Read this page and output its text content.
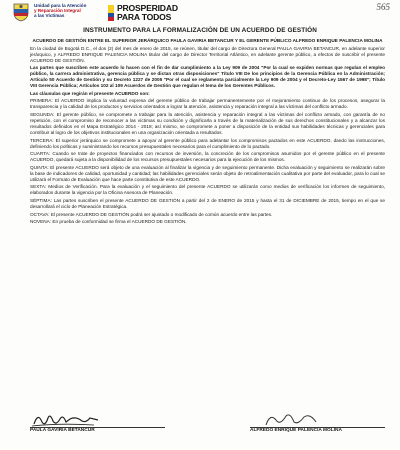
Unidad para la Atención
y Reparación Integral
a las Víctimas
PROSPERIDAD
PARA TODOS
565
INSTRUMENTO PARA LA FORMALIZACIÓN DE UN ACUERDO DE GESTIÓN

ACUERDO DE GESTIÓN ENTRE EL SUPERIOR JERÁRQUICO PAULA GAVIRIA BETANCUR Y EL GERENTE PÚBLICO ALFREDO ENRIQUE PALENCIA MOLINA

En la ciudad de Bogotá D.C., el dos (2) del mes de enero de 2015, se reúnen, titular del cargo de Directora General PAULA GAVIRIA BETANCUR, en adelante superior jerárquico, y ALFREDO ENRIQUE PALENCIA MOLINA titular del cargo de Director Territorial Atlántico, en adelante gerente público, a efectos de suscribir el presente ACUERDO DE GESTIÓN.

Las partes que suscriben este acuerdo lo hacen con el fin de dar cumplimiento a la Ley 909 de 2004 "Por la cual se expiden normas que regulan el empleo público, la carrera administrativa, gerencia pública y se dictan otras disposiciones" Título VIII De los principios de la Gerencia Pública en la Administración; Artículo 50 Acuerdo de Gestión y su Decreto 1227 de 2005 "Por el cual se reglamenta parcialmente la Ley 909 de 2004 y el Decreto-Ley 1567 de 1998"; Título VIII Gerencia Pública; Artículos 102 al 109 Acuerdos de Gestión que regulan el tema de los Gerentes Públicos.

Las cláusulas que regirán el presente ACUERDO son:

PRIMERA: El ACUERDO implica la voluntad expresa del gerente público de trabajar permanentemente por el mejoramiento continuo de los procesos, asegurar la transparencia y la calidad de los productos y servicios orientados a lograr la atención, asistencia y reparación integral a las víctimas del conflicto armado.

SEGUNDA: El gerente público, se compromete a trabajar para la atención, asistencia y reparación integral a las víctimas del conflicto armado, con garantía de no repetición, con el compromiso de reconocer a las víctimas su condición y dignificarla a través de la materialización de sus derechos constitucionales y a alcanzar los resultados definidos en el Mapa Estratégico 2014 - 2018; así mismo, se compromete a poner a disposición de la entidad sus habilidades técnicas y gerenciales para contribuir al logro de los objetivos institucionales en una organización orientada a resultados.

TERCERA: El superior jerárquico se compromete a apoyar al gerente público para adelantar los compromisos pactados en este ACUERDO, dando las instrucciones, definiendo los políticas y suministrando los recursos presupuestales necesarios para el cumplimiento de lo pactado.

CUARTA: Cuando se trate de proyectos financiados con recursos de inversión, la concreción de los compromisos asumidos por el gerente público en el presente ACUERDO, quedará sujeta a la disponibilidad de los recursos presupuestales necesarios para la ejecución de los mismos.

QUINTA: El presente ACUERDO será objeto de una evaluación al finalizar la vigencia y de seguimiento permanente. Dicha evaluación y seguimiento se realizarán sobre la base de indicadores de calidad, oportunidad y cantidad; las habilidades gerenciales serán objeto de retroalimentación cualitativa por parte del evaluador, para lo cual se utilizará el Formato de Evaluación que hace parte constitutiva de este ACUERDO.

SEXTA: Medios de Verificación. Para la evaluación y el seguimiento del presente ACUERDO se utilizarán como medios de verificación los informes de seguimiento, elaborados durante la vigencia por la Oficina Asesora de Planeación.

SÉPTIMA: Las partes suscriben el presente ACUERDO DE GESTIÓN a partir del 2 de ENERO de 2015 y hasta el 31 de DICIEMBRE de 2015, tiempo en el que se desarrollará el ciclo de Planeación Estratégica.

OCTAVA: El presente ACUERDO DE GESTIÓN podrá ser ajustado o modificado de común acuerdo entre las partes.

NOVENA: En prueba de conformidad se firma el ACUERDO DE GESTIÓN.

PAULA GAVIRIA BETANCUR	ALFREDO ENRIQUE PALENCIA MOLINA
